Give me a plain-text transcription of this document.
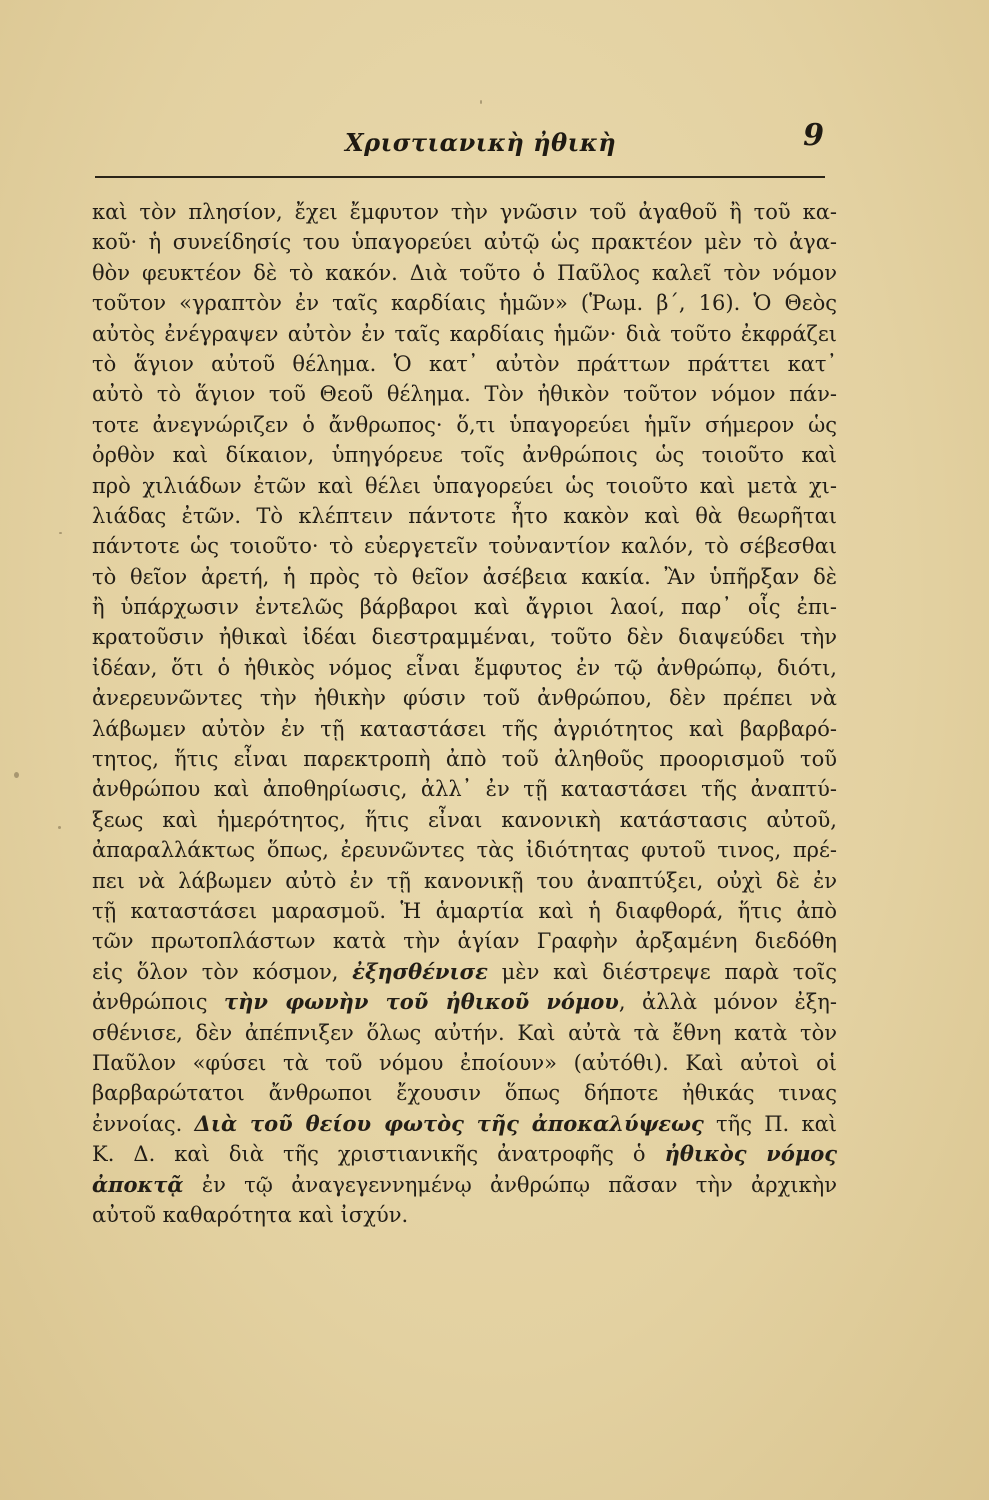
Χριστιανικὴ ἠθικὴ	9
καὶ τὸν πλησίον, ἔχει ἔμφυτον τὴν γνῶσιν τοῦ ἀγαθοῦ ἢ τοῦ κα-
κοῦ· ἡ συνείδησίς του ὑπαγορεύει αὐτῷ ὡς πρακτέον μὲν τὸ ἀγα-
θὸν φευκτέον δὲ τὸ κακόν. Διὰ τοῦτο ὁ Παῦλος καλεῖ τὸν νόμον
τοῦτον «γραπτὸν ἐν ταῖς καρδίαις ἡμῶν» (Ῥωμ. β΄, 16). Ὁ Θεὸς
αὐτὸς ἐνέγραψεν αὐτὸν ἐν ταῖς καρδίαις ἡμῶν· διὰ τοῦτο ἐκφράζει
τὸ ἅγιον αὐτοῦ θέλημα. Ὁ κατ᾿ αὐτὸν πράττων πράττει κατ᾿
αὐτὸ τὸ ἅγιον τοῦ Θεοῦ θέλημα. Τὸν ἠθικὸν τοῦτον νόμον πάν-
τοτε ἀνεγνώριζεν ὁ ἄνθρωπος· ὅ,τι ὑπαγορεύει ἡμῖν σήμερον ὡς
ὀρθὸν καὶ δίκαιον, ὑπηγόρευε τοῖς ἀνθρώποις ὡς τοιοῦτο καὶ
πρὸ χιλιάδων ἐτῶν καὶ θέλει ὑπαγορεύει ὡς τοιοῦτο καὶ μετὰ χι-
λιάδας ἐτῶν. Τὸ κλέπτειν πάντοτε ἦτο κακὸν καὶ θὰ θεωρῆται
πάντοτε ὡς τοιοῦτο· τὸ εὐεργετεῖν τοὐναντίον καλόν, τὸ σέβεσθαι
τὸ θεῖον ἀρετή, ἡ πρὸς τὸ θεῖον ἀσέβεια κακία. Ἂν ὑπῆρξαν δὲ
ἢ ὑπάρχωσιν ἐντελῶς βάρβαροι καὶ ἄγριοι λαοί, παρ᾿ οἷς ἐπι-
κρατοῦσιν ἠθικαὶ ἰδέαι διεστραμμέναι, τοῦτο δὲν διαψεύδει τὴν
ἰδέαν, ὅτι ὁ ἠθικὸς νόμος εἶναι ἔμφυτος ἐν τῷ ἀνθρώπῳ, διότι,
ἀνερευνῶντες τὴν ἠθικὴν φύσιν τοῦ ἀνθρώπου, δὲν πρέπει νὰ
λάβωμεν αὐτὸν ἐν τῇ καταστάσει τῆς ἀγριότητος καὶ βαρβαρό-
τητος, ἥτις εἶναι παρεκτροπὴ ἀπὸ τοῦ ἀληθοῦς προορισμοῦ τοῦ
ἀνθρώπου καὶ ἀποθηρίωσις, ἀλλ᾿ ἐν τῇ καταστάσει τῆς ἀναπτύ-
ξεως καὶ ἡμερότητος, ἥτις εἶναι κανονικὴ κατάστασις αὐτοῦ,
ἀπαραλλάκτως ὅπως, ἐρευνῶντες τὰς ἰδιότητας φυτοῦ τινος, πρέ-
πει νὰ λάβωμεν αὐτὸ ἐν τῇ κανονικῇ του ἀναπτύξει, οὐχὶ δὲ ἐν
τῇ καταστάσει μαρασμοῦ. Ἡ ἁμαρτία καὶ ἡ διαφθορά, ἥτις ἀπὸ
τῶν πρωτοπλάστων κατὰ τὴν ἁγίαν Γραφὴν ἀρξαμένη διεδόθη
εἰς ὅλον τὸν κόσμον, ἐξησθένισε μὲν καὶ διέστρεψε παρὰ τοῖς
ἀνθρώποις τὴν φωνὴν τοῦ ἠθικοῦ νόμου, ἀλλὰ μόνον ἐξη-
σθένισε, δὲν ἀπέπνιξεν ὅλως αὐτήν. Καὶ αὐτὰ τὰ ἔθνη κατὰ τὸν
Παῦλον «φύσει τὰ τοῦ νόμου ἐποίουν» (αὐτόθι). Καὶ αὐτοὶ οἱ
βαρβαρώτατοι ἄνθρωποι ἔχουσιν ὅπως δήποτε ἠθικάς τινας
ἐννοίας. Διὰ τοῦ θείου φωτὸς τῆς ἀποκαλύψεως τῆς Π. καὶ
Κ. Δ. καὶ διὰ τῆς χριστιανικῆς ἀνατροφῆς ὁ ἠθικὸς νόμος
ἀποκτᾷ ἐν τῷ ἀναγεγεννημένῳ ἀνθρώπῳ πᾶσαν τὴν ἀρχικὴν
αὐτοῦ καθαρότητα καὶ ἰσχύν.
